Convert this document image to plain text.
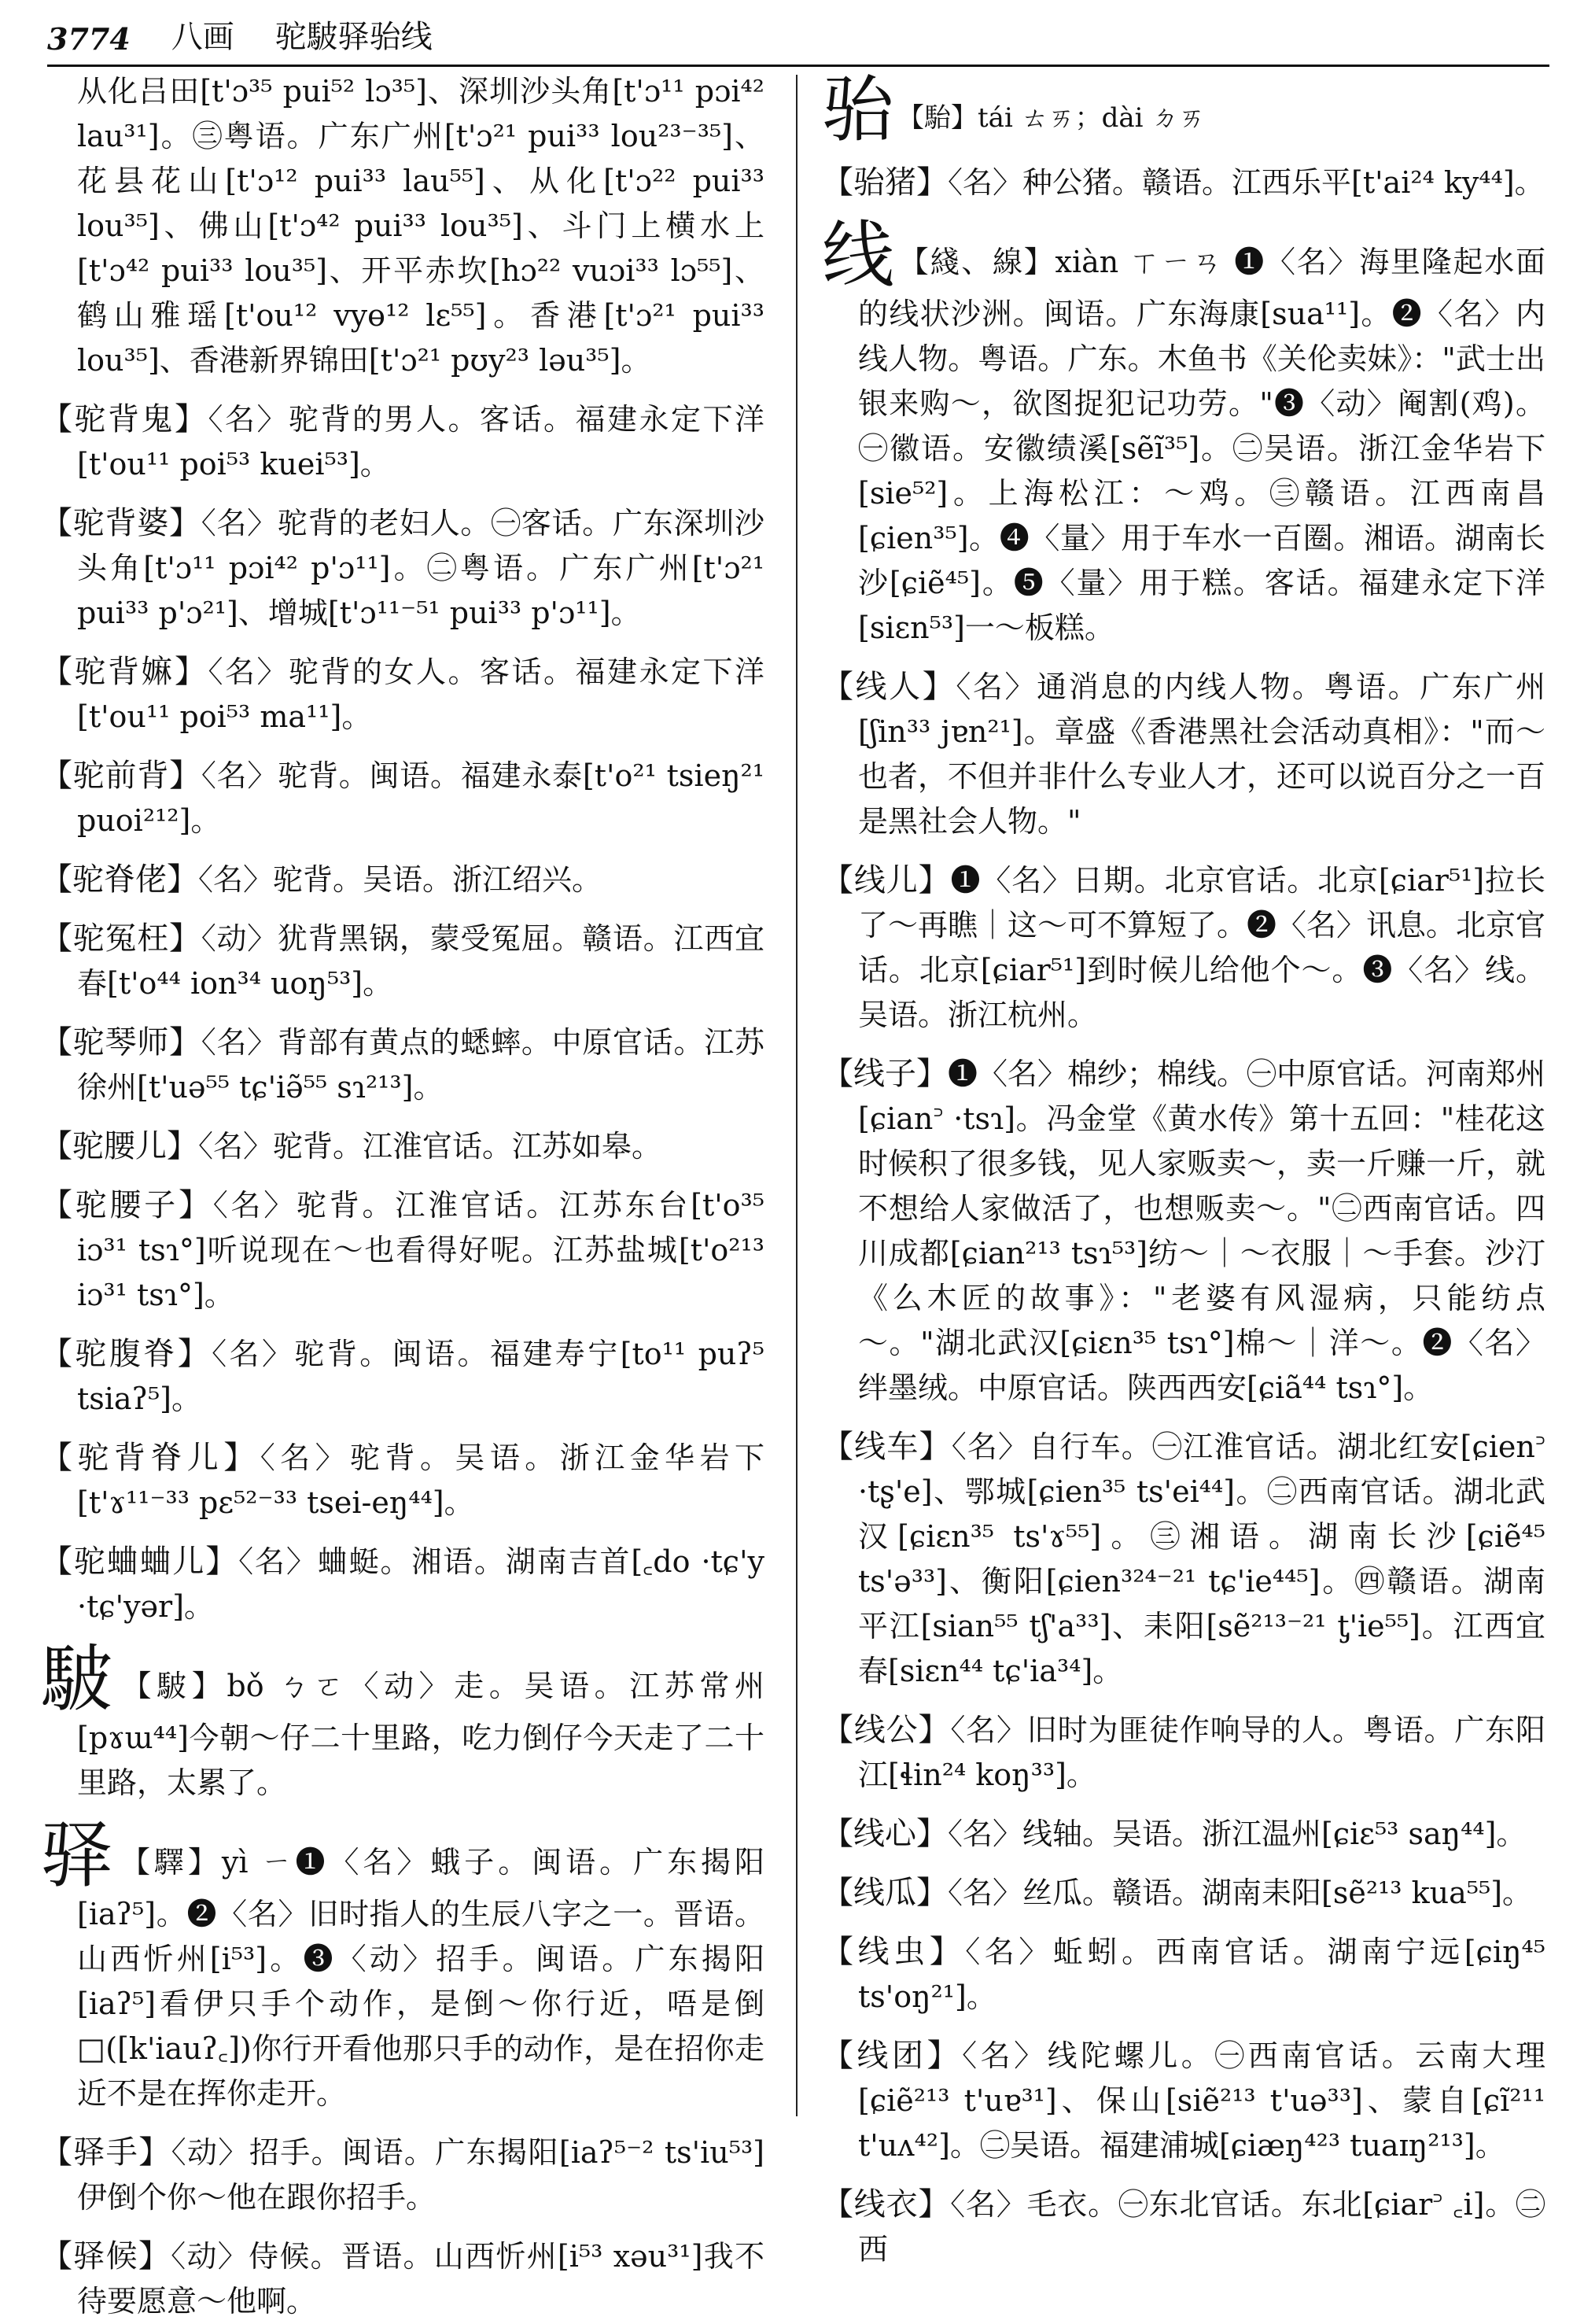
3774 八画 驼駊驿骀线

从化吕田[t'ɔ³⁵ pui⁵² lɔ³⁵]、深圳沙头角[t'ɔ¹¹ pɔi⁴² lau³¹]。㊂粤语。广东广州[t'ɔ²¹ pui³³ lou²³⁻³⁵]、花县花山[t'ɔ¹² pui³³ lau⁵⁵]、从化[t'ɔ²² pui³³ lou³⁵]、佛山[t'ɔ⁴² pui³³ lou³⁵]、斗门上横水上[t'ɔ⁴² pui³³ lou³⁵]、开平赤坎[hɔ²² vuɔi³³ lɔ⁵⁵]、鹤山雅瑶[t'ou¹² vyɵ¹² lɛ⁵⁵]。香港[t'ɔ²¹ pui³³ lou³⁵]、香港新界锦田[t'ɔ²¹ pʊy²³ ləu³⁵]。

【驼背鬼】〈名〉驼背的男人。客话。福建永定下洋[t'ou¹¹ poi⁵³ kuei⁵³]。

【驼背婆】〈名〉驼背的老妇人。㊀客话。广东深圳沙头角[t'ɔ¹¹ pɔi⁴² p'ɔ¹¹]。㊁粤语。广东广州[t'ɔ²¹ pui³³ p'ɔ²¹]、增城[t'ɔ¹¹⁻⁵¹ pui³³ p'ɔ¹¹]。

【驼背嫲】〈名〉驼背的女人。客话。福建永定下洋[t'ou¹¹ poi⁵³ ma¹¹]。

【驼前背】〈名〉驼背。闽语。福建永泰[t'o²¹ tsieŋ²¹ puoi²¹²]。

【驼脊佬】〈名〉驼背。吴语。浙江绍兴。

【驼冤枉】〈动〉犹背黑锅，蒙受冤屈。赣语。江西宜春[t'o⁴⁴ ion³⁴ uoŋ⁵³]。

【驼琴师】〈名〉背部有黄点的蟋蟀。中原官话。江苏徐州[t'uə⁵⁵ tɕ'iə̃⁵⁵ sɿ²¹³]。

【驼腰儿】〈名〉驼背。江淮官话。江苏如皋。

【驼腰子】〈名〉驼背。江淮官话。江苏东台[t'o³⁵ iɔ³¹ tsɿ°]听说现在～也看得好呢。江苏盐城[t'o²¹³ iɔ³¹ tsɿ°]。

【驼腹脊】〈名〉驼背。闽语。福建寿宁[to¹¹ puʔ⁵ tsiaʔ⁵]。

【驼背脊儿】〈名〉驼背。吴语。浙江金华岩下[t'ɤ¹¹⁻³³ pɛ⁵²⁻³³ tsei-eŋ⁴⁴]。

【驼蛐蛐儿】〈名〉蛐蜓。湘语。湖南吉首[꜀do ·tɕ'y ·tɕ'yər]。

駊 【駊】bǒ ㄅㄛ〈动〉走。吴语。江苏常州[pɤɯ⁴⁴]今朝～仔二十里路，吃力倒仔今天走了二十里路，太累了。

驿 【驛】yì ㄧ❶〈名〉蛾子。闽语。广东揭阳[iaʔ⁵]。❷〈名〉旧时指人的生辰八字之一。晋语。山西忻州[i⁵³]。❸〈动〉招手。闽语。广东揭阳[iaʔ⁵]看伊只手个动作，是倒～你行近，唔是倒□([k'iauʔ꜀])你行开看他那只手的动作，是在招你走近不是在挥你走开。

【驿手】〈动〉招手。闽语。广东揭阳[iaʔ⁵⁻² ts'iu⁵³]伊倒个你～他在跟你招手。

【驿候】〈动〉侍候。晋语。山西忻州[i⁵³ xəu³¹]我不待要愿意～他啊。

骀 【駘】tái ㄊㄞ；dài ㄉㄞ

【骀猪】〈名〉种公猪。赣语。江西乐平[t'ai²⁴ ky⁴⁴]。

线 【綫、線】xiàn ㄒㄧㄢ ❶〈名〉海里隆起水面的线状沙洲。闽语。广东海康[sua¹¹]。❷〈名〉内线人物。粤语。广东。木鱼书《关伦卖妹》："武士出银来购～，欲图捉犯记功劳。"❸〈动〉阉割(鸡)。㊀徽语。安徽绩溪[sẽĩ³⁵]。㊁吴语。浙江金华岩下[sie⁵²]。上海松江：～鸡。㊂赣语。江西南昌[ɕien³⁵]。❹〈量〉用于车水一百圈。湘语。湖南长沙[ɕiẽ⁴⁵]。❺〈量〉用于糕。客话。福建永定下洋[siɛn⁵³]一～板糕。

【线人】〈名〉通消息的内线人物。粤语。广东广州[ʃin³³ jɐn²¹]。章盛《香港黑社会活动真相》："而～也者，不但并非什么专业人才，还可以说百分之一百是黑社会人物。"

【线儿】❶〈名〉日期。北京官话。北京[ɕiar⁵¹]拉长了～再瞧｜这～可不算短了。❷〈名〉讯息。北京官话。北京[ɕiar⁵¹]到时候儿给他个～。❸〈名〉线。吴语。浙江杭州。

【线子】❶〈名〉棉纱；棉线。㊀中原官话。河南郑州[ɕian꜄ ·tsɿ]。冯金堂《黄水传》第十五回："桂花这时候积了很多钱，见人家贩卖～，卖一斤赚一斤，就不想给人家做活了，也想贩卖～。"㊁西南官话。四川成都[ɕian²¹³ tsɿ⁵³]纺～｜～衣服｜～手套。沙汀《么木匠的故事》："老婆有风湿病，只能纺点～。"湖北武汉[ɕiɛn³⁵ tsɿ°]棉～｜洋～。❷〈名〉绊墨绒。中原官话。陕西西安[ɕiã⁴⁴ tsɿ°]。

【线车】〈名〉自行车。㊀江淮官话。湖北红安[ɕien꜄ ·tʂ'e]、鄂城[ɕien³⁵ ts'ei⁴⁴]。㊁西南官话。湖北武汉[ɕiɛn³⁵ ts'ɤ⁵⁵]。㊂湘语。湖南长沙[ɕiẽ⁴⁵ ts'ə³³]、衡阳[ɕien³²⁴⁻²¹ tɕ'ie⁴⁴⁵]。㊃赣语。湖南平江[sian⁵⁵ tʃ'a³³]、耒阳[sẽ²¹³⁻²¹ ƫ'ie⁵⁵]。江西宜春[siɛn⁴⁴ tɕ'ia³⁴]。

【线公】〈名〉旧时为匪徒作响导的人。粤语。广东阳江[ɬin²⁴ koŋ³³]。

【线心】〈名〉线轴。吴语。浙江温州[ɕiɛ⁵³ saŋ⁴⁴]。

【线瓜】〈名〉丝瓜。赣语。湖南耒阳[sẽ²¹³ kua⁵⁵]。

【线虫】〈名〉蚯蚓。西南官话。湖南宁远[ɕiŋ⁴⁵ ts'oŋ²¹]。

【线团】〈名〉线陀螺儿。㊀西南官话。云南大理[ɕiẽ²¹³ t'uɐ³¹]、保山[siẽ²¹³ t'uə³³]、蒙自[ɕĩ²¹¹ t'uʌ⁴²]。㊁吴语。福建浦城[ɕiæŋ⁴²³ tuaɪŋ²¹³]。

【线衣】〈名〉毛衣。㊀东北官话。东北[ɕiar꜄ ꜀i]。㊁西
